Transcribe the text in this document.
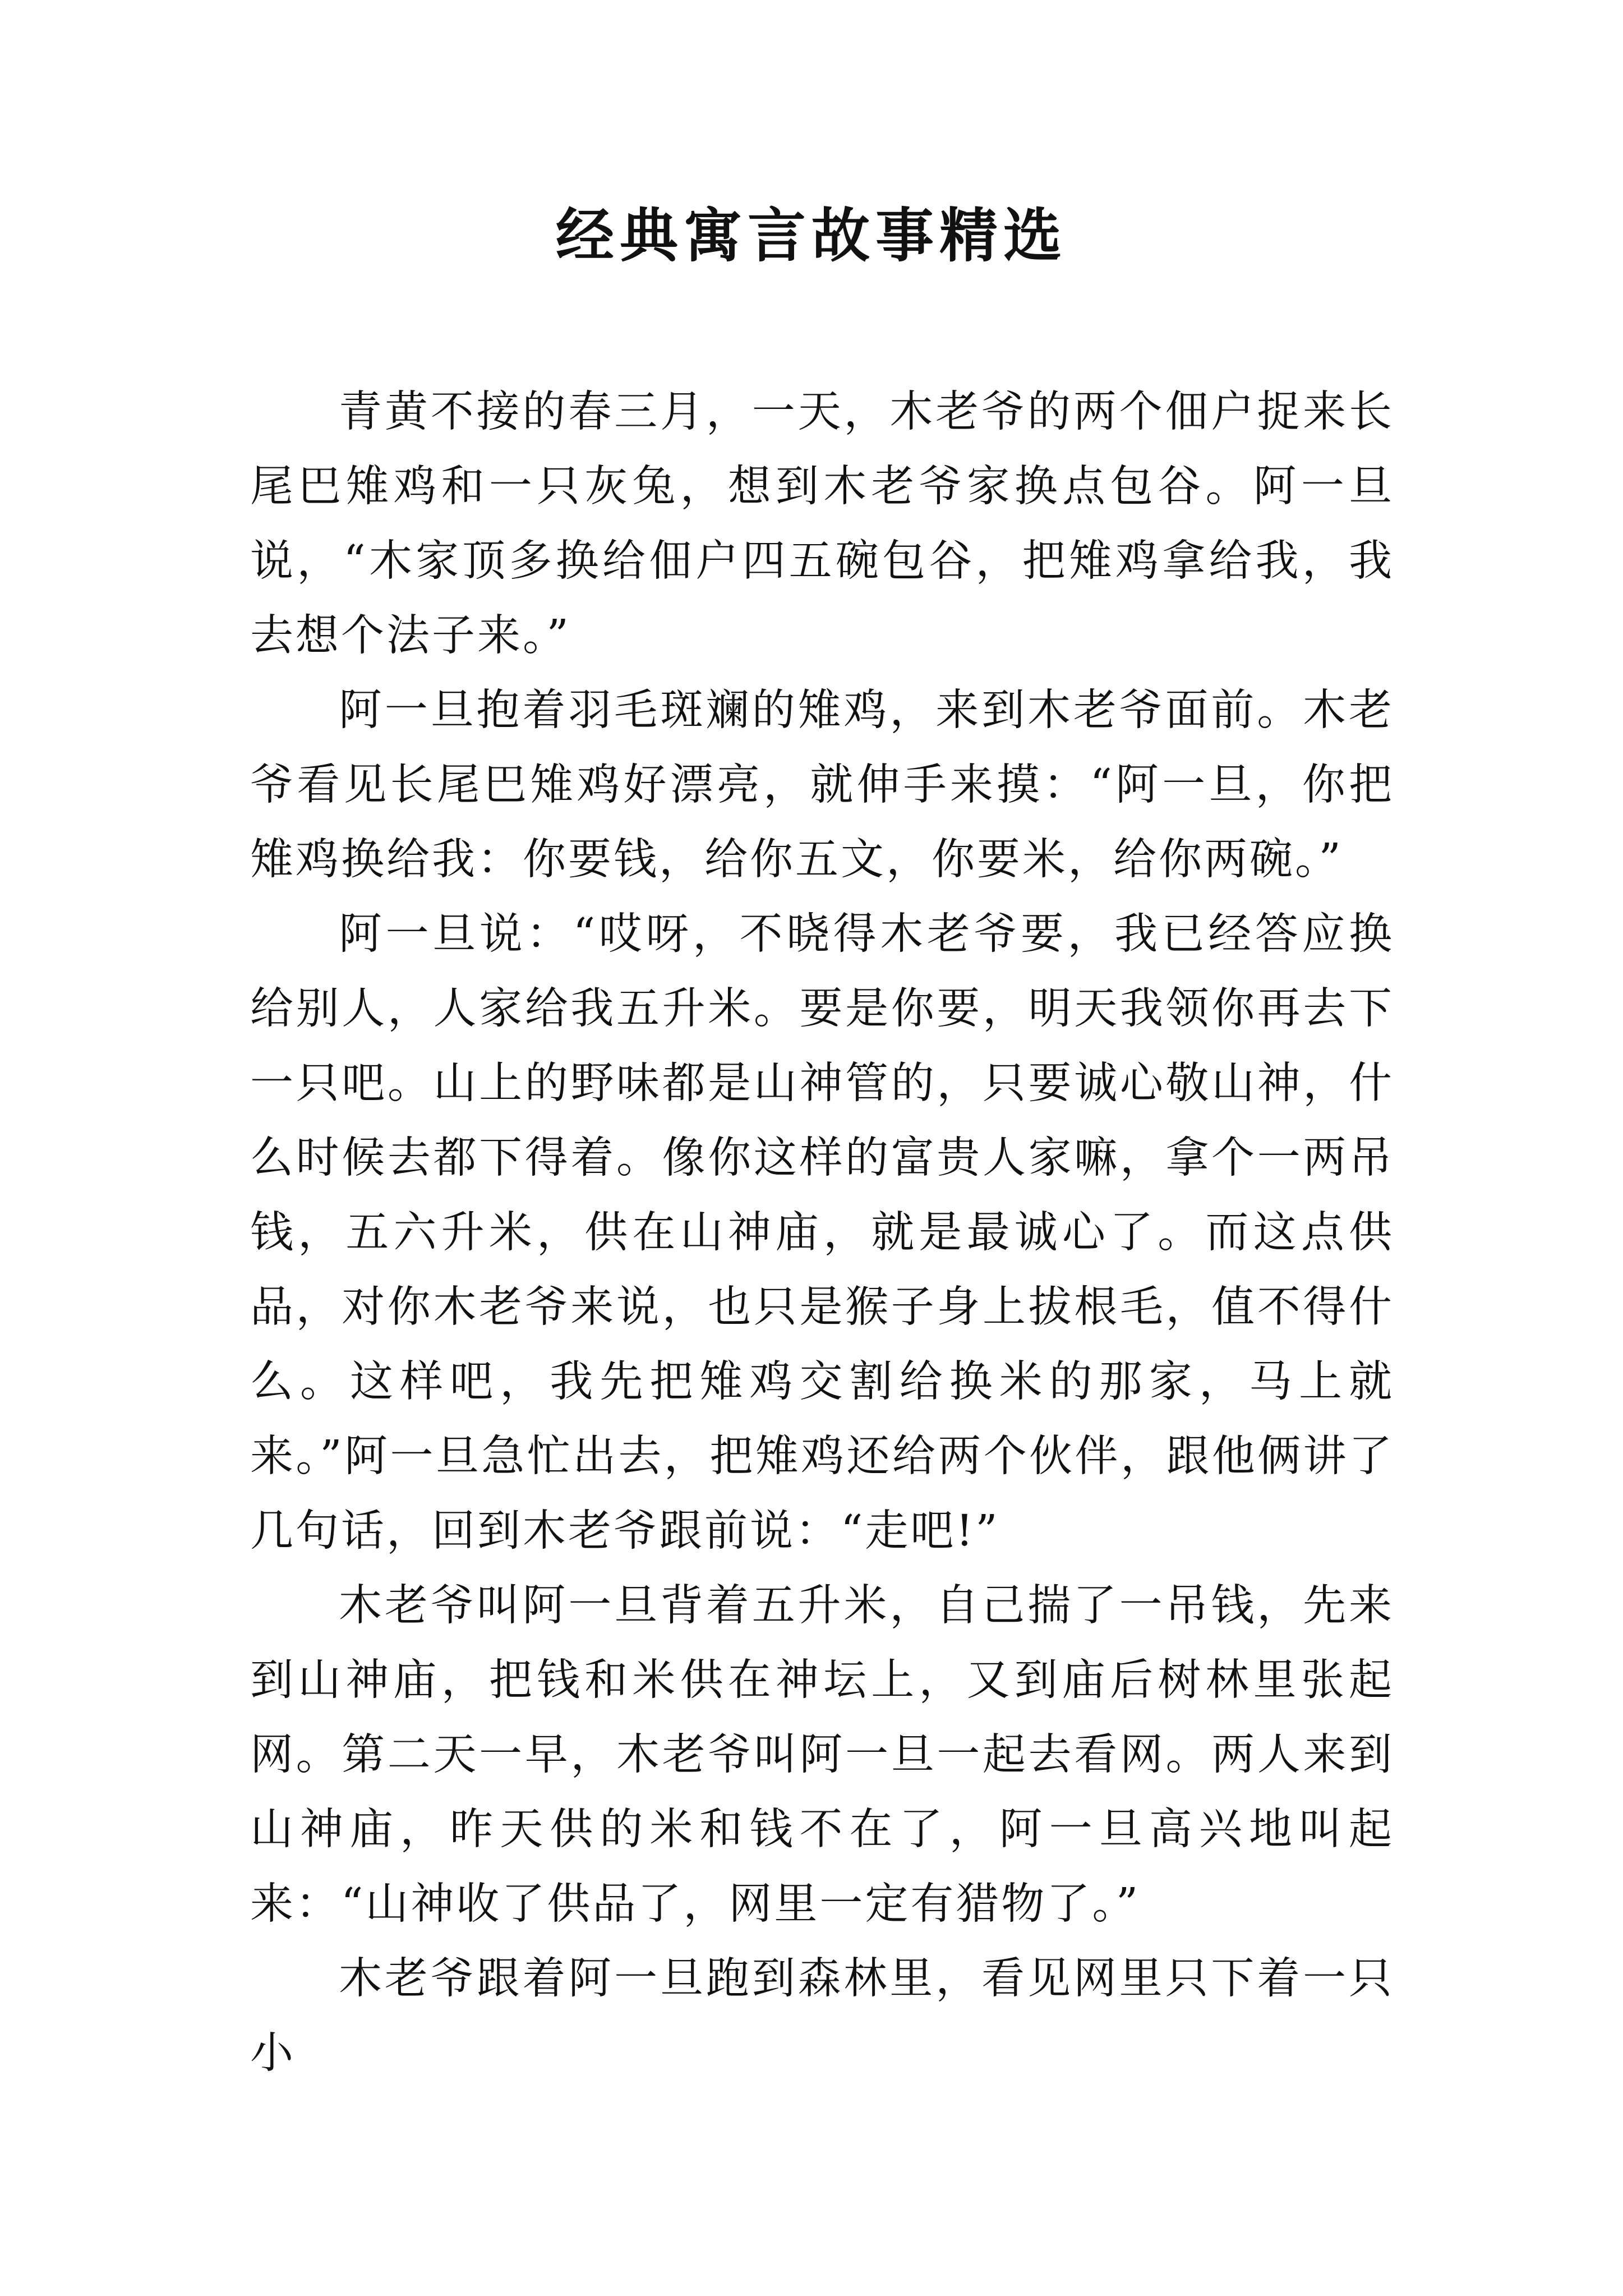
经典寓言故事精选

青黄不接的春三月，一天，木老爷的两个佃户捉来长尾巴雉鸡和一只灰兔，想到木老爷家换点包谷。阿一旦说，“木家顶多换给佃户四五碗包谷，把雉鸡拿给我，我去想个法子来。”

阿一旦抱着羽毛斑斓的雉鸡，来到木老爷面前。木老爷看见长尾巴雉鸡好漂亮，就伸手来摸：“阿一旦，你把雉鸡换给我：你要钱，给你五文，你要米，给你两碗。”

阿一旦说：“哎呀，不晓得木老爷要，我已经答应换给别人，人家给我五升米。要是你要，明天我领你再去下一只吧。山上的野味都是山神管的，只要诚心敬山神，什么时候去都下得着。像你这样的富贵人家嘛，拿个一两吊钱，五六升米，供在山神庙，就是最诚心了。而这点供品，对你木老爷来说，也只是猴子身上拔根毛，值不得什么。这样吧，我先把雉鸡交割给换米的那家，马上就来。”阿一旦急忙出去，把雉鸡还给两个伙伴，跟他俩讲了几句话，回到木老爷跟前说：“走吧!”

木老爷叫阿一旦背着五升米，自己揣了一吊钱，先来到山神庙，把钱和米供在神坛上，又到庙后树林里张起网。第二天一早，木老爷叫阿一旦一起去看网。两人来到山神庙，昨天供的米和钱不在了，阿一旦高兴地叫起来：“山神收了供品了，网里一定有猎物了。”

木老爷跟着阿一旦跑到森林里，看见网里只下着一只小
